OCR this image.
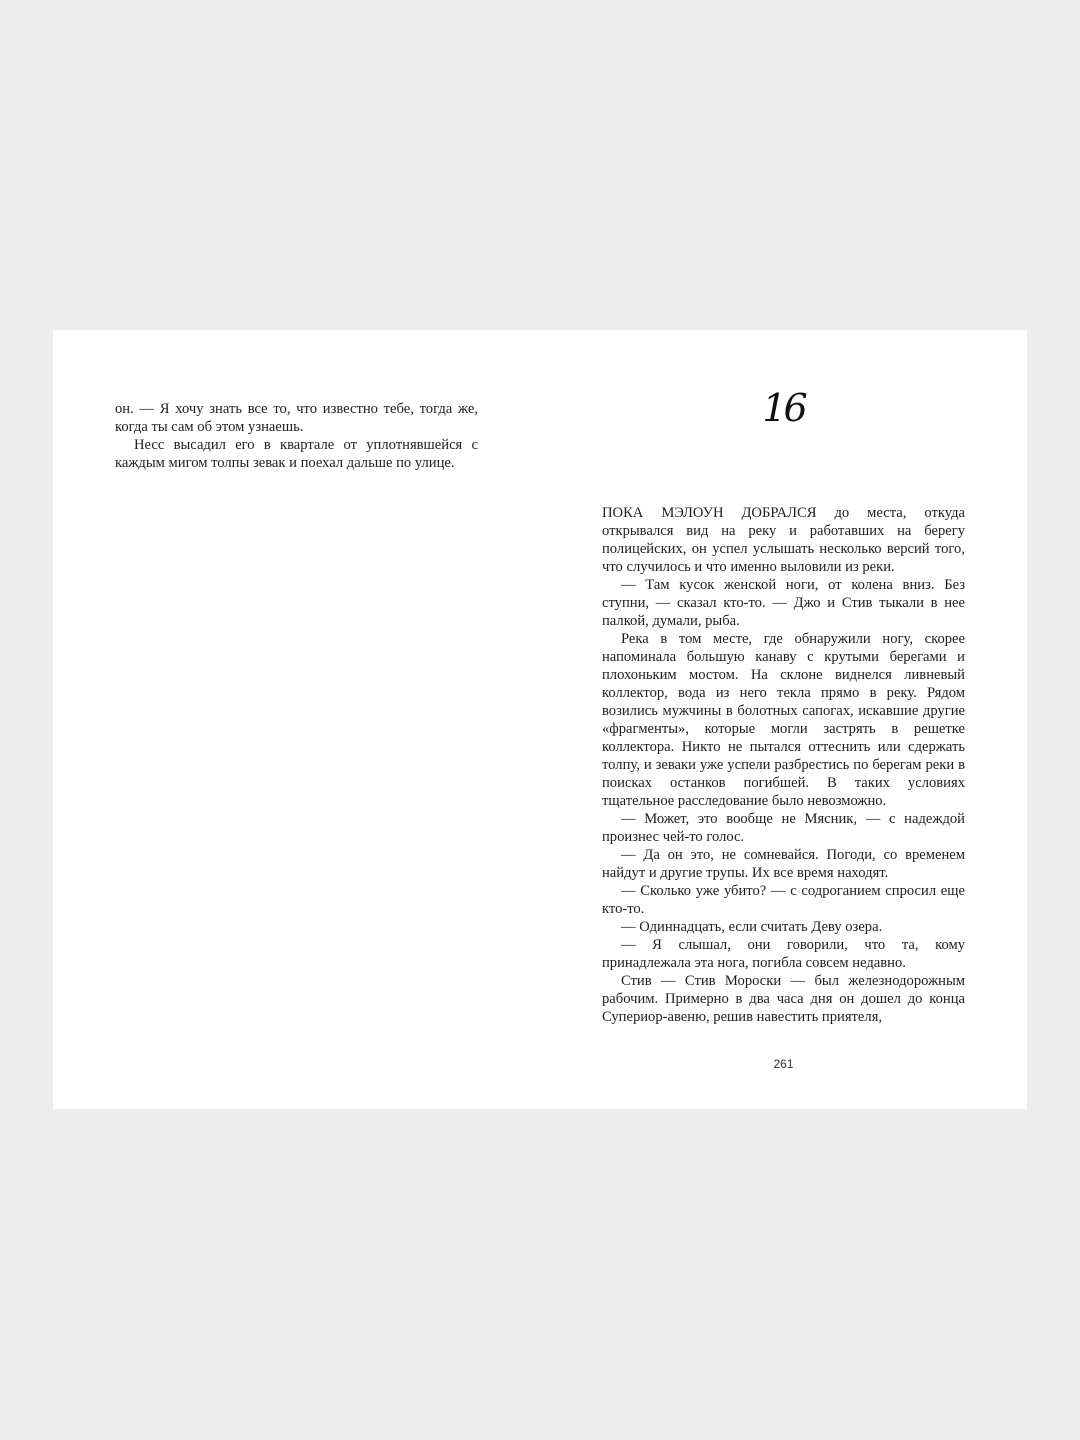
он. — Я хочу знать все то, что известно тебе, тогда же, когда ты сам об этом узнаешь.

Несс высадил его в квартале от уплотнявшейся с каждым мигом толпы зевак и поехал дальше по улице.

16

ПОКА МЭЛОУН ДОБРАЛСЯ до места, откуда открывался вид на реку и работавших на берегу полицейских, он успел услышать несколько версий того, что случилось и что именно выловили из реки.

— Там кусок женской ноги, от колена вниз. Без ступни, — сказал кто-то. — Джо и Стив тыкали в нее палкой, думали, рыба.

Река в том месте, где обнаружили ногу, скорее напоминала большую канаву с крутыми берегами и плохоньким мостом. На склоне виднелся ливневый коллектор, вода из него текла прямо в реку. Рядом возились мужчины в болотных сапогах, искавшие другие «фрагменты», которые могли застрять в решетке коллектора. Никто не пытался оттеснить или сдержать толпу, и зеваки уже успели разбрестись по берегам реки в поисках останков погибшей. В таких условиях тщательное расследование было невозможно.

— Может, это вообще не Мясник, — с надеждой произнес чей-то голос.

— Да он это, не сомневайся. Погоди, со временем найдут и другие трупы. Их все время находят.

— Сколько уже убито? — с содроганием спросил еще кто-то.

— Одиннадцать, если считать Деву озера.

— Я слышал, они говорили, что та, кому принадлежала эта нога, погибла совсем недавно.

Стив — Стив Мороски — был железнодорожным рабочим. Примерно в два часа дня он дошел до конца Супериор-авеню, решив навестить приятеля,

261
